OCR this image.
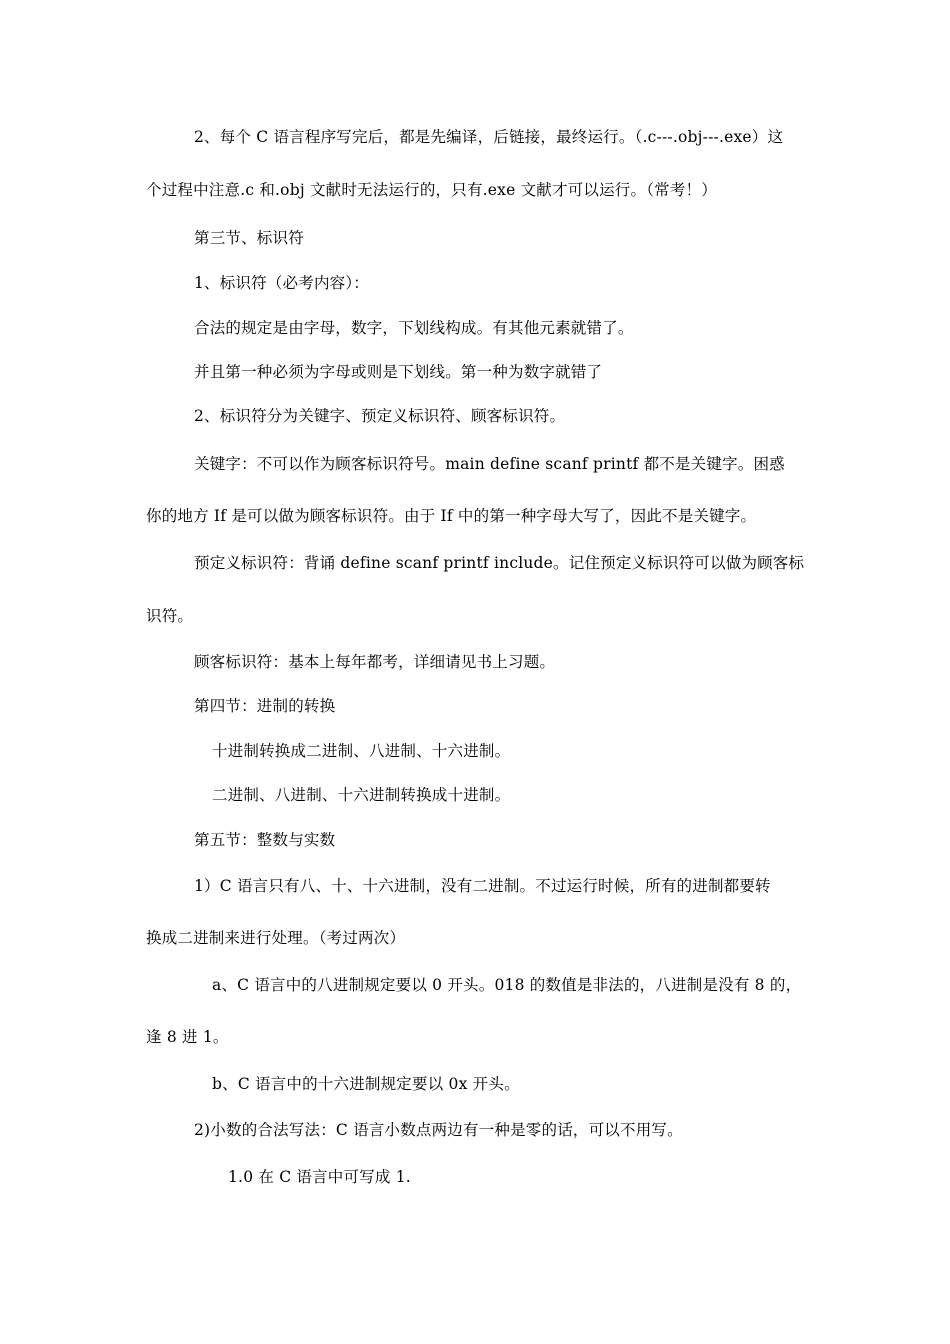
2、每个 C 语言程序写完后，都是先编译，后链接，最终运行。（.c---.obj---.exe）这
个过程中注意.c 和.obj 文献时无法运行的，只有.exe 文献才可以运行。（常考！）
第三节、标识符
1、标识符（必考内容）：
合法的规定是由字母，数字，下划线构成。有其他元素就错了。
并且第一种必须为字母或则是下划线。第一种为数字就错了
2、标识符分为关键字、预定义标识符、顾客标识符。
关键字：不可以作为顾客标识符号。main define scanf printf 都不是关键字。困惑
你的地方 If 是可以做为顾客标识符。由于 If 中的第一种字母大写了，因此不是关键字。
预定义标识符：背诵 define scanf printf include。记住预定义标识符可以做为顾客标
识符。
顾客标识符：基本上每年都考，详细请见书上习题。
第四节：进制的转换
十进制转换成二进制、八进制、十六进制。
二进制、八进制、十六进制转换成十进制。
第五节：整数与实数
1）C 语言只有八、十、十六进制，没有二进制。不过运行时候，所有的进制都要转
换成二进制来进行处理。（考过两次）
a、C 语言中的八进制规定要以 0 开头。018 的数值是非法的，八进制是没有 8 的，
逢 8 进 1。
b、C 语言中的十六进制规定要以 0x 开头。
2)小数的合法写法：C 语言小数点两边有一种是零的话，可以不用写。
1.0 在 C 语言中可写成 1.
